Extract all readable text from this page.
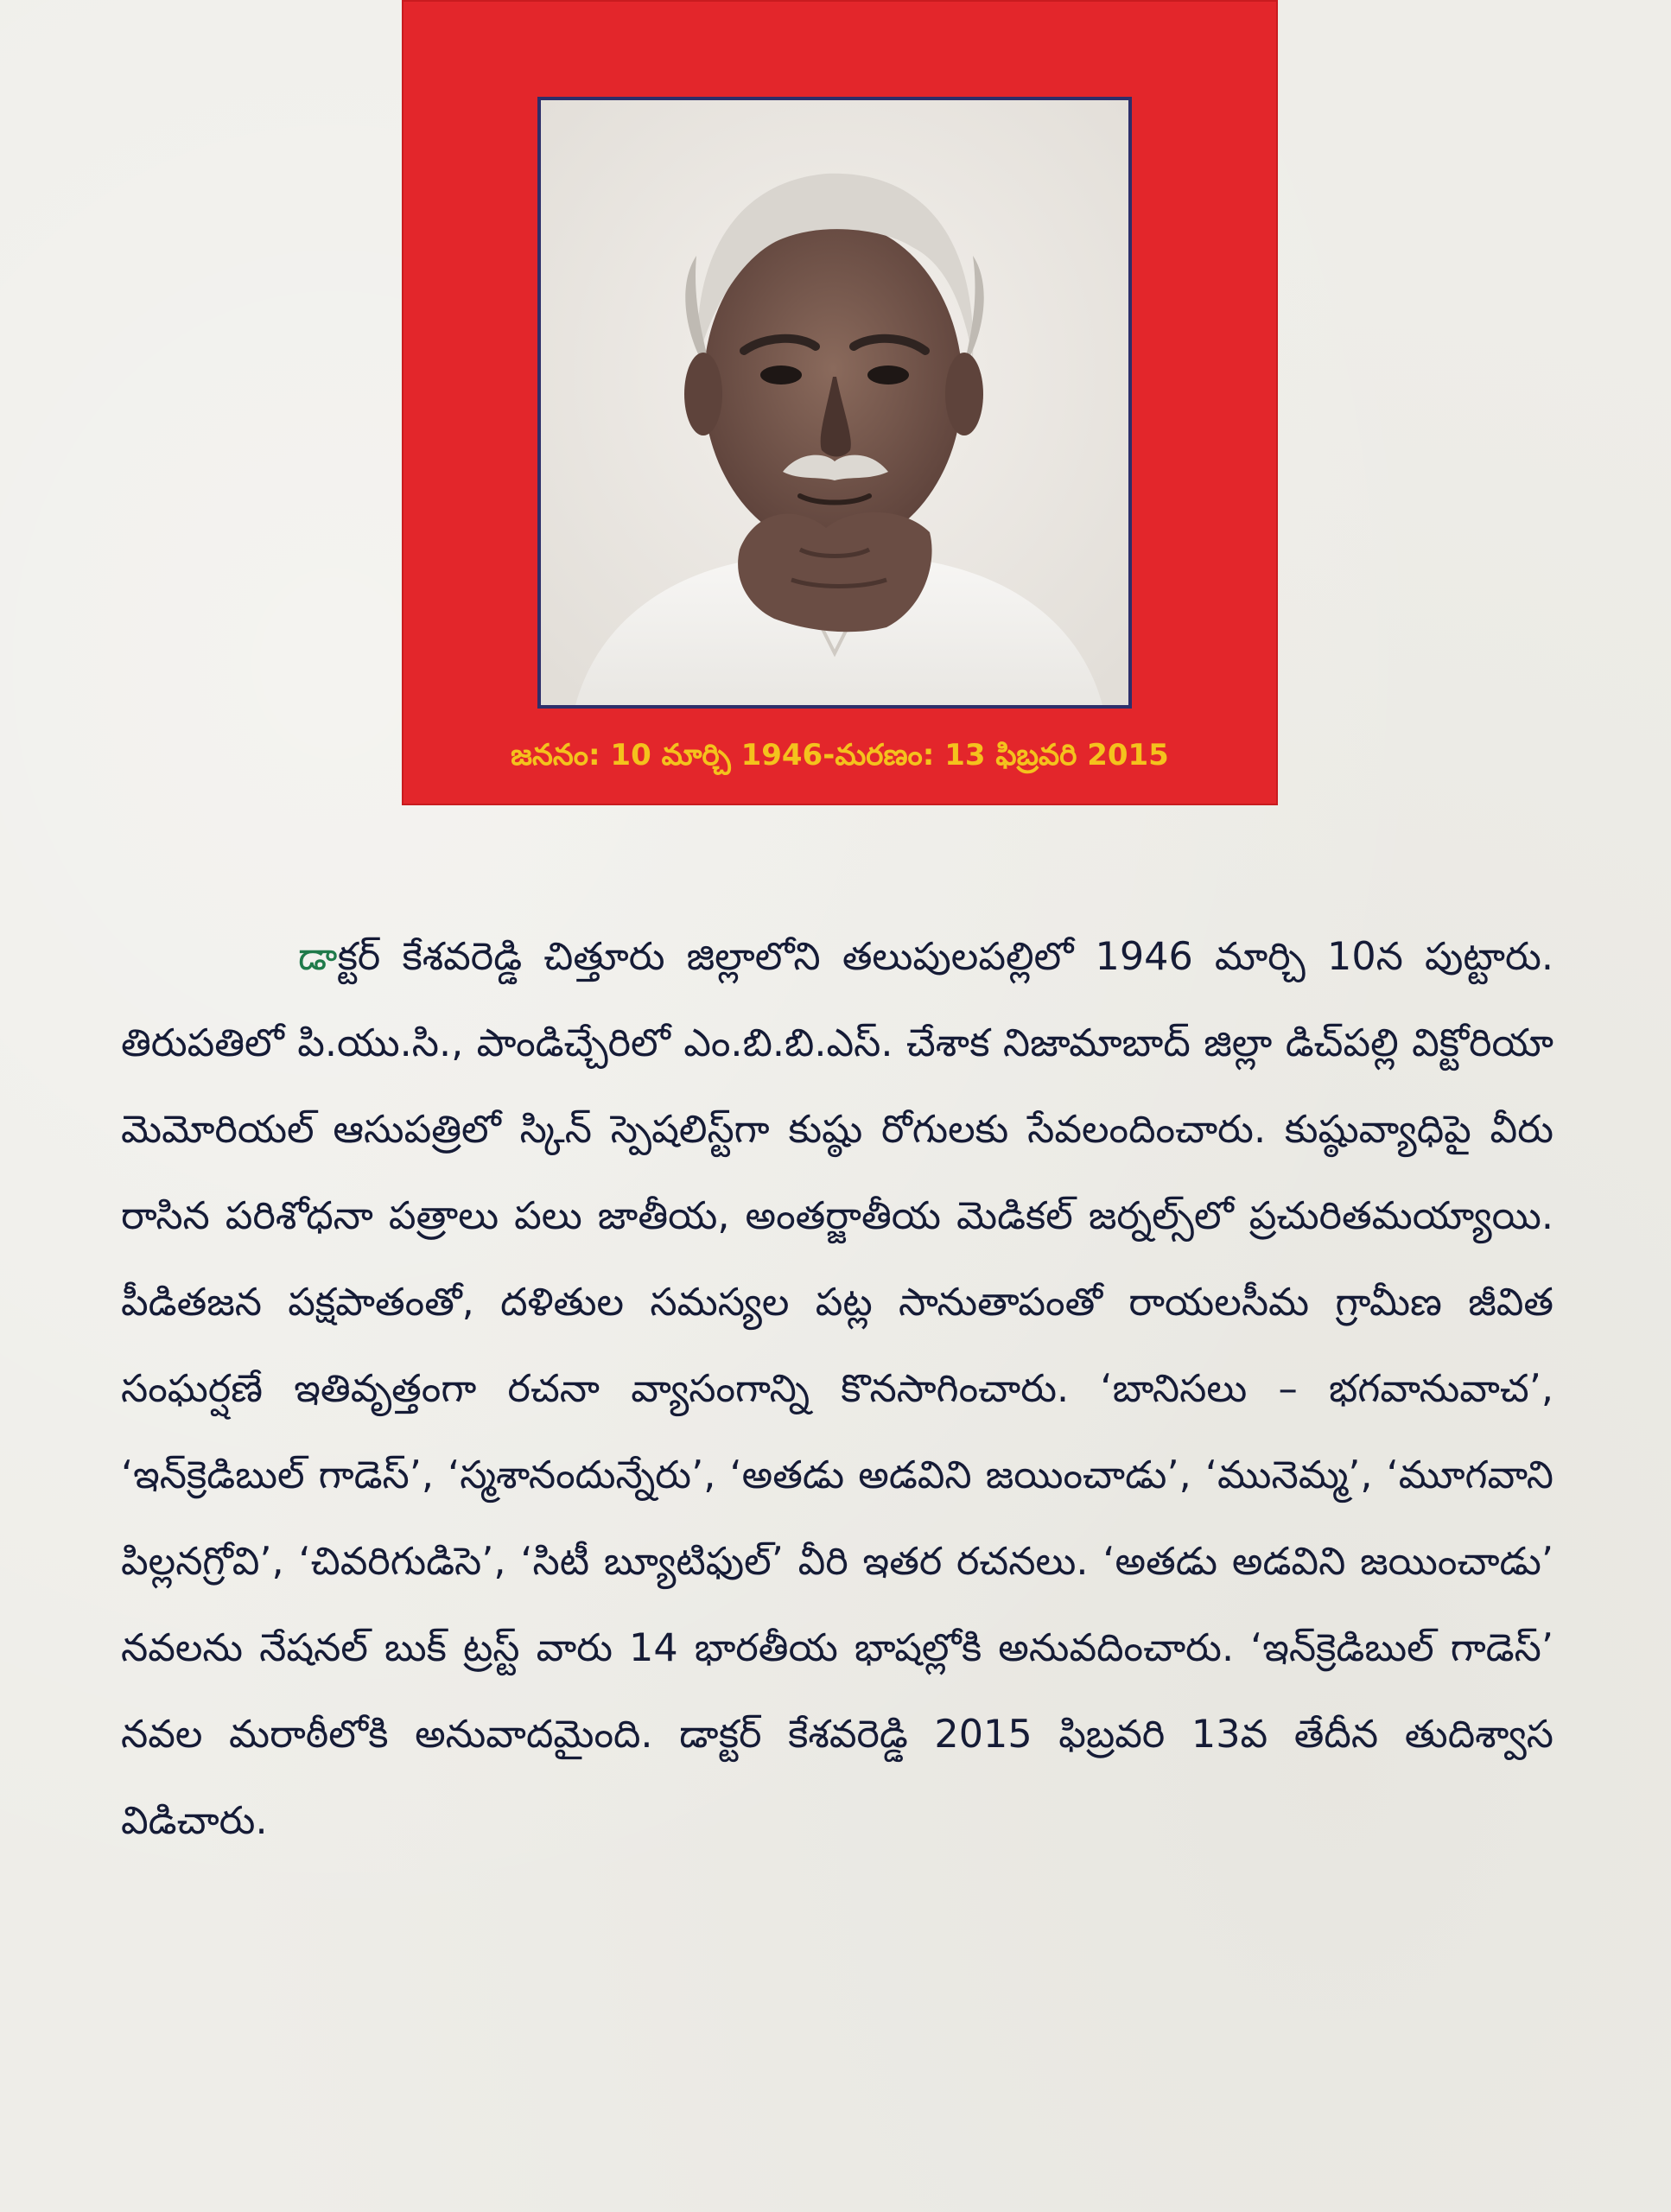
జననం: 10 మార్చి 1946-మరణం: 13 ఫిబ్రవరి 2015

డాక్టర్ కేశవరెడ్డి చిత్తూరు జిల్లాలోని తలుపులపల్లిలో 1946 మార్చి 10న పుట్టారు. తిరుపతిలో పి.యు.సి., పాండిచ్చేరిలో ఎం.బి.బి.ఎస్. చేశాక నిజామాబాద్ జిల్లా డిచ్‌పల్లి విక్టోరియా మెమోరియల్ ఆసుపత్రిలో స్కిన్ స్పెషలిస్ట్‌గా కుష్ఠు రోగులకు సేవలందించారు. కుష్ఠువ్యాధిపై వీరు రాసిన పరిశోధనా పత్రాలు పలు జాతీయ, అంతర్జాతీయ మెడికల్ జర్నల్స్‌లో ప్రచురితమయ్యాయి. పీడితజన పక్షపాతంతో, దళితుల సమస్యల పట్ల సానుతాపంతో రాయలసీమ గ్రామీణ జీవిత సంఘర్షణే ఇతివృత్తంగా రచనా వ్యాసంగాన్ని కొనసాగించారు. ‘బానిసలు – భగవానువాచ’, ‘ఇన్‌క్రెడిబుల్ గాడెస్’, ‘స్మశానందున్నేరు’, ‘అతడు అడవిని జయించాడు’, ‘మునెమ్మ’, ‘మూగవాని పిల్లనగ్రోవి’, ‘చివరిగుడిసె’, ‘సిటీ బ్యూటిఫుల్’ వీరి ఇతర రచనలు. ‘అతడు అడవిని జయించాడు’ నవలను నేషనల్ బుక్ ట్రస్ట్ వారు 14 భారతీయ భాషల్లోకి అనువదించారు. ‘ఇన్‌క్రెడిబుల్ గాడెస్’ నవల మరాఠీలోకి అనువాదమైంది. డాక్టర్ కేశవరెడ్డి 2015 ఫిబ్రవరి 13వ తేదీన తుదిశ్వాస విడిచారు.
